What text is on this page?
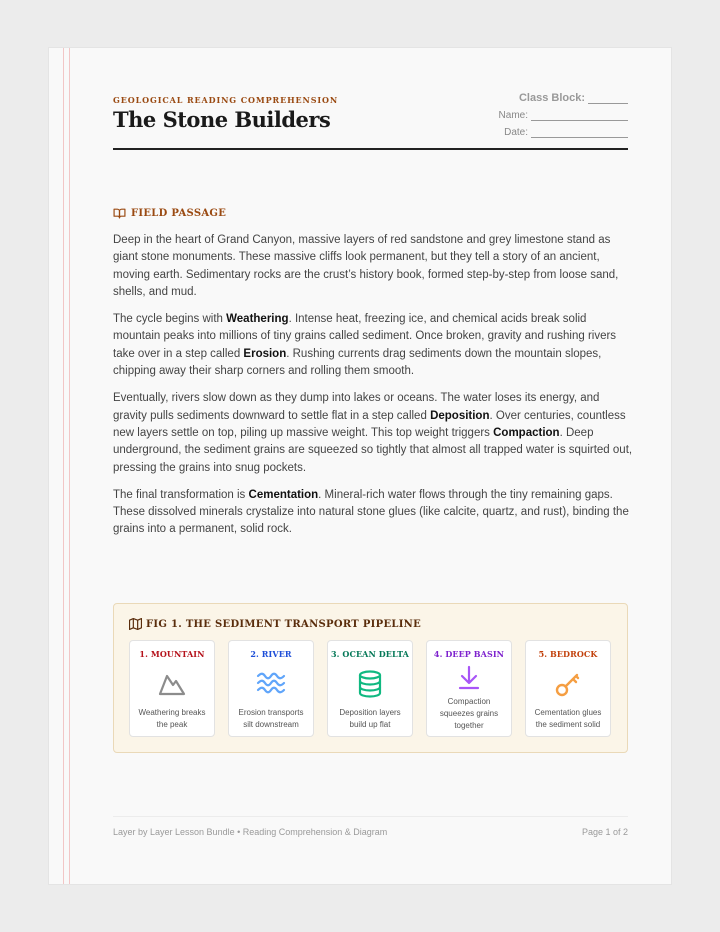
GEOLOGICAL READING COMPREHENSION
The Stone Builders
Class Block:
Name:
Date:
FIELD PASSAGE

Deep in the heart of Grand Canyon, massive layers of red sandstone and grey limestone stand as giant stone monuments. These massive cliffs look permanent, but they tell a story of an ancient, moving earth. Sedimentary rocks are the crust’s history book, formed step-by-step from loose sand, shells, and mud.

The cycle begins with Weathering. Intense heat, freezing ice, and chemical acids break solid mountain peaks into millions of tiny grains called sediment. Once broken, gravity and rushing rivers take over in a step called Erosion. Rushing currents drag sediments down the mountain slopes, chipping away their sharp corners and rolling them smooth.

Eventually, rivers slow down as they dump into lakes or oceans. The water loses its energy, and gravity pulls sediments downward to settle flat in a step called Deposition. Over centuries, countless new layers settle on top, piling up massive weight. This top weight triggers Compaction. Deep underground, the sediment grains are squeezed so tightly that almost all trapped water is squirted out, pressing the grains into snug pockets.

The final transformation is Cementation. Mineral-rich water flows through the tiny remaining gaps. These dissolved minerals crystalize into natural stone glues (like calcite, quartz, and rust), binding the grains into a permanent, solid rock.

FIG 1. THE SEDIMENT TRANSPORT PIPELINE
1. MOUNTAIN
Weathering breaks the peak
2. RIVER
Erosion transports silt downstream
3. OCEAN DELTA
Deposition layers build up flat
4. DEEP BASIN
Compaction squeezes grains together
5. BEDROCK
Cementation glues the sediment solid
Layer by Layer Lesson Bundle • Reading Comprehension & Diagram	Page 1 of 2
